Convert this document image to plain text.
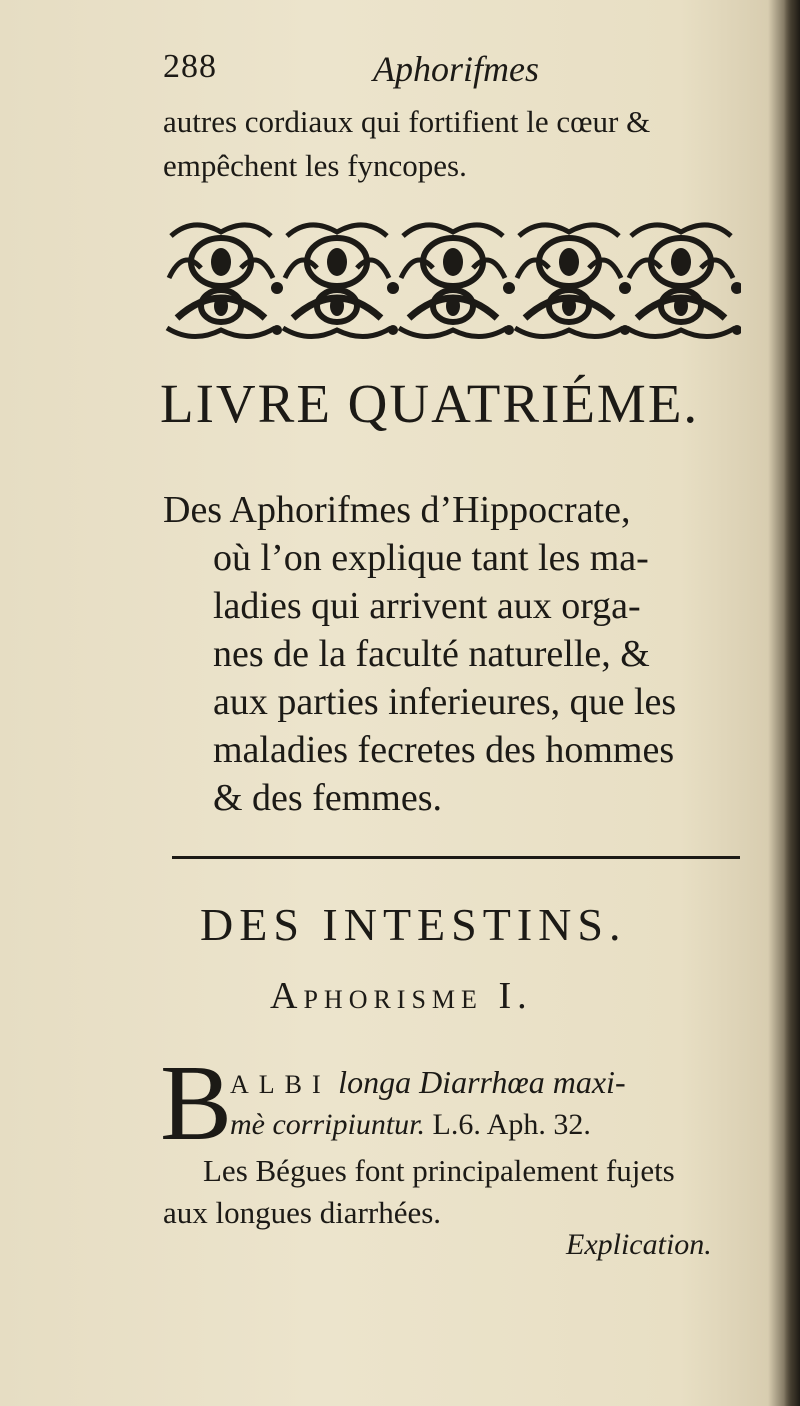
288	Aphorifmes
autres cordiaux qui fortifient le cœur &
empêchent les fyncopes.
LIVRE QUATRIÉME.
Des Aphorifmes d’Hippocrate,
où l’on explique tant les ma-
ladies qui arrivent aux orga-
nes de la faculté naturelle, &
aux parties inferieures, que les
maladies fecretes des hommes
& des femmes.
DES INTESTINS.
APHORISME I.
B
ALBI longa Diarrhœa maxi-
mè corripiuntur. L.6. Aph. 32.
Les Bégues font principalement fujets
aux longues diarrhées.
Explication.
